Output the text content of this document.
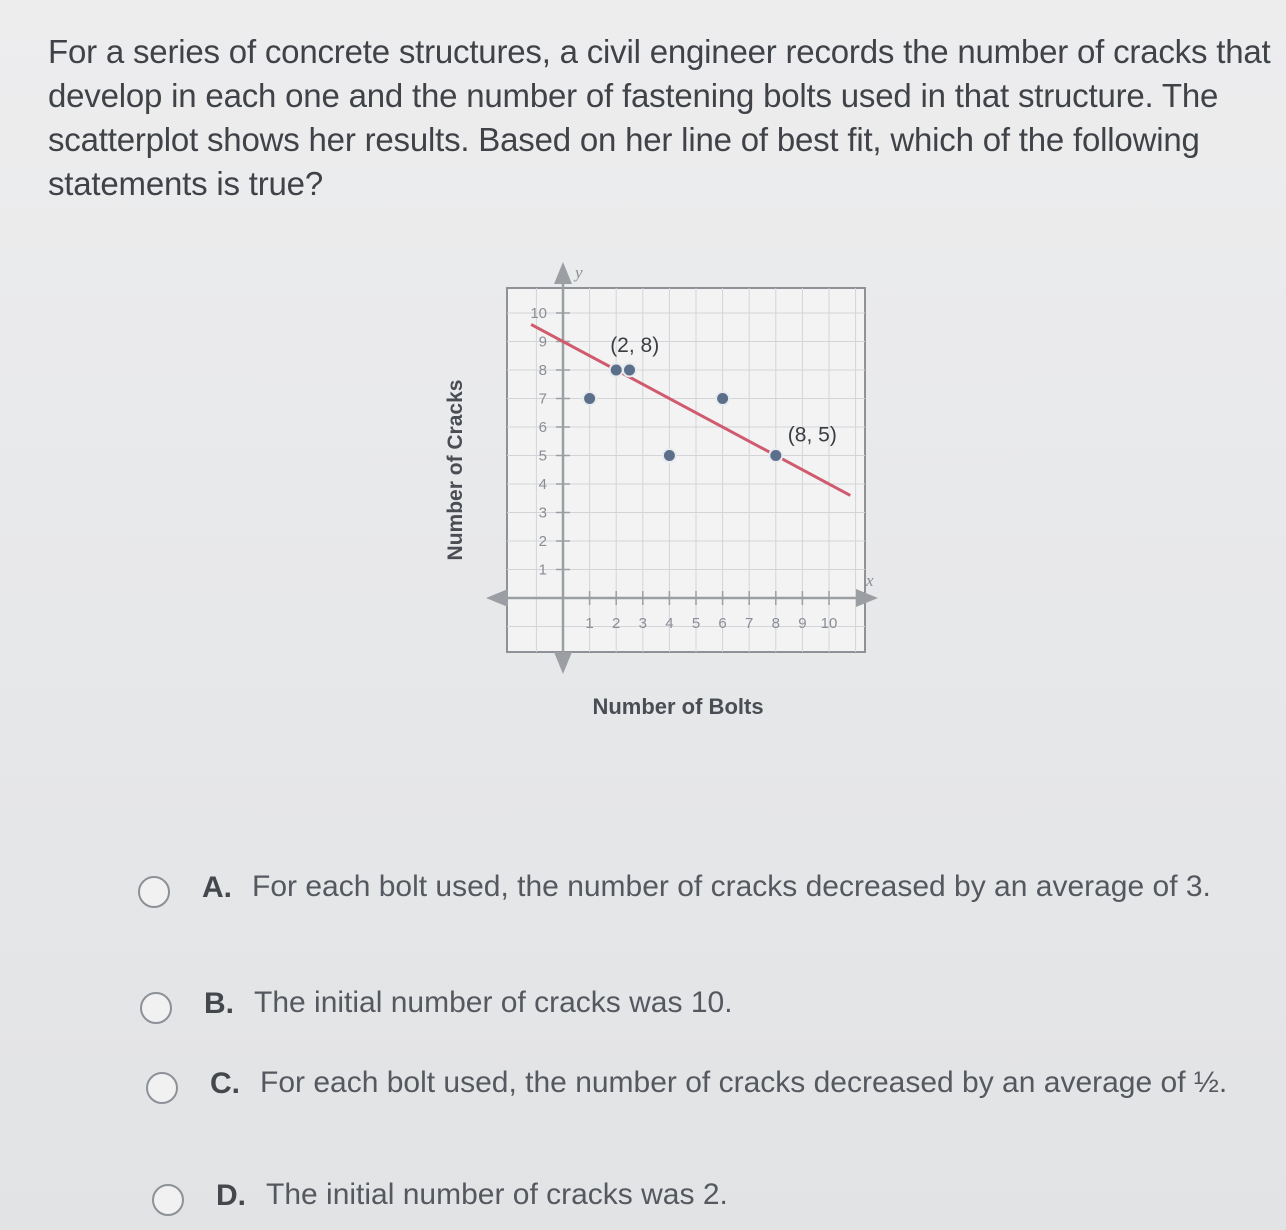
For a series of concrete structures, a civil engineer records the number of cracks that develop in each one and the number of fastening bolts used in that structure. The scatterplot shows her results. Based on her line of best fit, which of the following statements is true?

y
x
1 2 3 4 5 6 7 8 9 10
1
2
3
4
5
6
7
8
9
10
(2, 8)
(8, 5)
Number of Cracks
Number of Bolts
A. For each bolt used, the number of cracks decreased by an average of 3.
B. The initial number of cracks was 10.
C. For each bolt used, the number of cracks decreased by an average of ½.
D. The initial number of cracks was 2.
